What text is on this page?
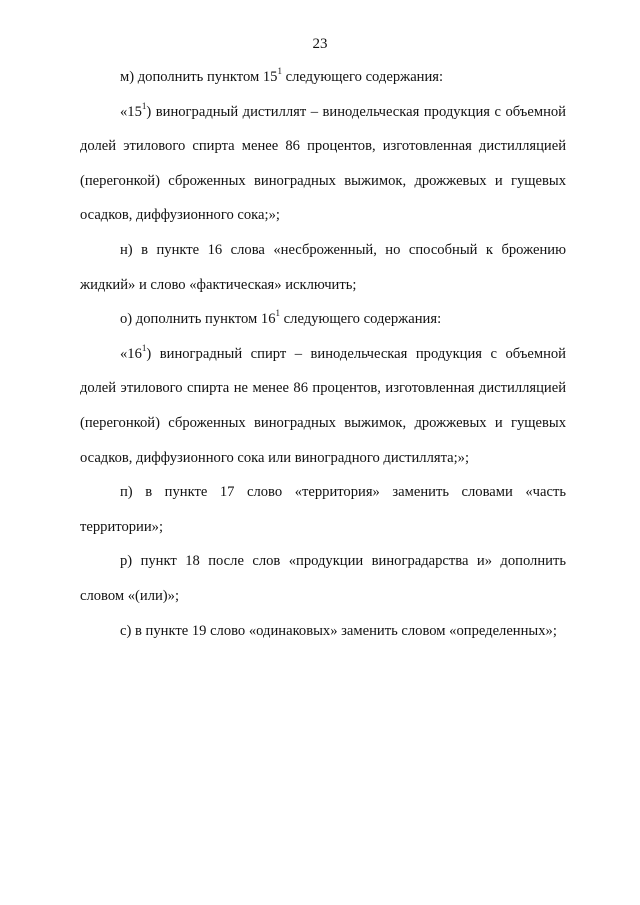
23

м) дополнить пунктом $15^1$ следующего содержания:

«$15^1$) виноградный дистиллят – винодельческая продукция с объемной долей этилового спирта менее 86 процентов, изготовленная дистилляцией (перегонкой) сброженных виноградных выжимок, дрожжевых и гущевых осадков, диффузионного сока;»;

н) в пункте 16 слова «несброженный, но способный к брожению жидкий» и слово «фактическая» исключить;

о) дополнить пунктом $16^1$ следующего содержания:

«$16^1$) виноградный спирт – винодельческая продукция с объемной долей этилового спирта не менее 86 процентов, изготовленная дистилляцией (перегонкой) сброженных виноградных выжимок, дрожжевых и гущевых осадков, диффузионного сока или виноградного дистиллята;»;

п) в пункте 17 слово «территория» заменить словами «часть территории»;

р) пункт 18 после слов «продукции виноградарства и» дополнить словом «(или)»;

с) в пункте 19 слово «одинаковых» заменить словом «определенных»;
